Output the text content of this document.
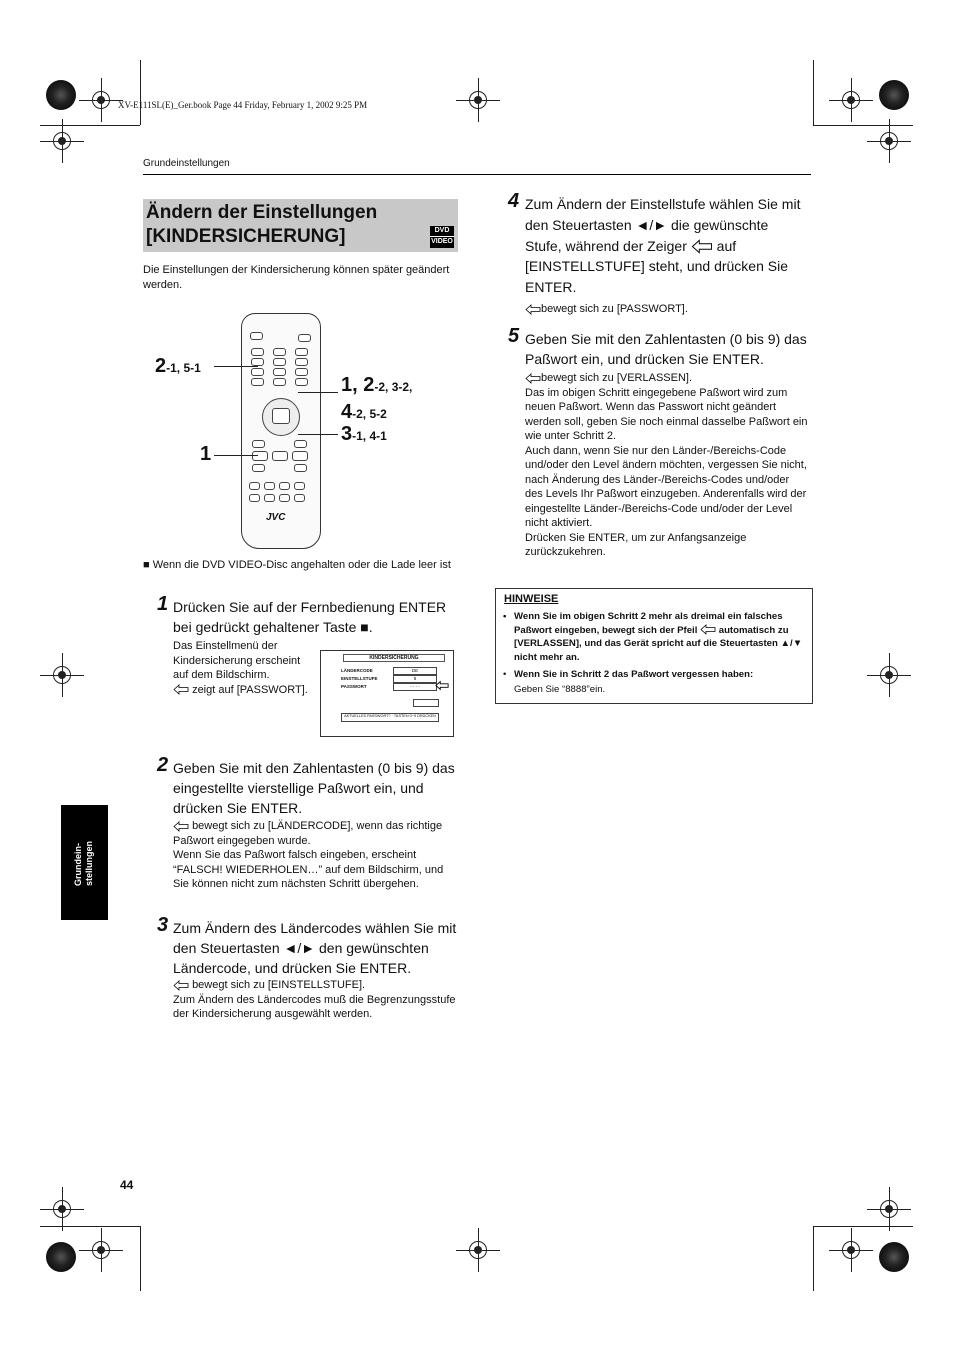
XV-E111SL(E)_Ger.book Page 44 Friday, February 1, 2002 9:25 PM
Grundeinstellungen
Ändern der Einstellungen
[KINDERSICHERUNG]	DVD
VIDEO
Die Einstellungen der Kindersicherung können später geändert werden.
JVC
2-1, 5-1
1
1, 2-2, 3-2,
4-2, 5-2
3-1, 4-1
■ Wenn die DVD VIDEO-Disc angehalten oder die Lade leer ist
1 Drücken Sie auf der Fernbedienung ENTER bei gedrückt gehaltener Taste ■.
Das Einstellmenü der Kindersicherung erscheint auf dem Bildschirm.
zeigt auf [PASSWORT].
KINDERSICHERUNG
LÄNDERCODE	DE
EINSTELLSTUFE	8
PASSWORT	- - - -
AKTUELLES PASSWORT? · TASTEN 0~9 DRÜCKEN
2 Geben Sie mit den Zahlentasten (0 bis 9) das eingestellte vierstellige Paßwort ein, und drücken Sie ENTER.
bewegt sich zu [LÄNDERCODE], wenn das richtige Paßwort eingegeben wurde.
Wenn Sie das Paßwort falsch eingeben, erscheint “FALSCH! WIEDERHOLEN…” auf dem Bildschirm, und Sie können nicht zum nächsten Schritt übergehen.
3 Zum Ändern des Ländercodes wählen Sie mit den Steuertasten ◄/► den gewünschten Ländercode, und drücken Sie ENTER.
bewegt sich zu [EINSTELLSTUFE].
Zum Ändern des Ländercodes muß die Begrenzungsstufe der Kindersicherung ausgewählt werden.
4 Zum Ändern der Einstellstufe wählen Sie mit den Steuertasten ◄/► die gewünschte Stufe, während der Zeiger auf [EINSTELLSTUFE] steht, und drücken Sie ENTER.
bewegt sich zu [PASSWORT].
5 Geben Sie mit den Zahlentasten (0 bis 9) das Paßwort ein, und drücken Sie ENTER.
bewegt sich zu [VERLASSEN].
Das im obigen Schritt eingegebene Paßwort wird zum neuen Paßwort. Wenn das Passwort nicht geändert werden soll, geben Sie noch einmal dasselbe Paßwort ein wie unter Schritt 2.
Auch dann, wenn Sie nur den Länder-/Bereichs-Code und/oder den Level ändern möchten, vergessen Sie nicht, nach Änderung des Länder-/Bereichs-Codes und/oder des Levels Ihr Paßwort einzugeben. Anderenfalls wird der eingestellte Länder-/Bereichs-Code und/oder der Level nicht aktiviert.
Drücken Sie ENTER, um zur Anfangsanzeige zurückzukehren.
HINWEISE
• Wenn Sie im obigen Schritt 2 mehr als dreimal ein falsches Paßwort eingeben, bewegt sich der Pfeil automatisch zu [VERLASSEN], und das Gerät spricht auf die Steuertasten ▲/▼ nicht mehr an.
• Wenn Sie in Schritt 2 das Paßwort vergessen haben:
Geben Sie “8888”ein.
Grundein-
stellungen
44
